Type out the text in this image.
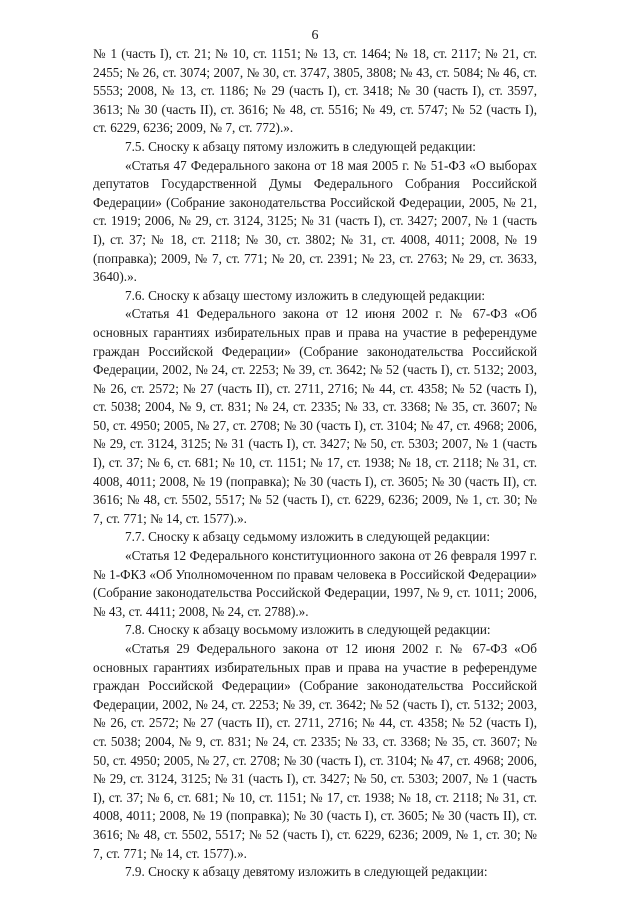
6

№ 1 (часть I), ст. 21; № 10, ст. 1151; № 13, ст. 1464; № 18, ст. 2117; № 21, ст. 2455; № 26, ст. 3074; 2007, № 30, ст. 3747, 3805, 3808; № 43, ст. 5084; № 46, ст. 5553; 2008, № 13, ст. 1186; № 29 (часть I), ст. 3418; № 30 (часть I), ст. 3597, 3613; № 30 (часть II), ст. 3616; № 48, ст. 5516; № 49, ст. 5747; № 52 (часть I), ст. 6229, 6236; 2009, № 7, ст. 772).».

7.5. Сноску к абзацу пятому изложить в следующей редакции:

«Статья 47 Федерального закона от 18 мая 2005 г. № 51-ФЗ «О выборах депутатов Государственной Думы Федерального Собрания Российской Федерации» (Собрание законодательства Российской Федерации, 2005, № 21, ст. 1919; 2006, № 29, ст. 3124, 3125; № 31 (часть I), ст. 3427; 2007, № 1 (часть I), ст. 37; № 18, ст. 2118; № 30, ст. 3802; № 31, ст. 4008, 4011; 2008, № 19 (поправка); 2009, № 7, ст. 771; № 20, ст. 2391; № 23, ст. 2763; № 29, ст. 3633, 3640).».

7.6. Сноску к абзацу шестому изложить в следующей редакции:

«Статья 41 Федерального закона от 12 июня 2002 г. № 67-ФЗ «Об основных гарантиях избирательных прав и права на участие в референдуме граждан Российской Федерации» (Собрание законодательства Российской Федерации, 2002, № 24, ст. 2253; № 39, ст. 3642; № 52 (часть I), ст. 5132; 2003, № 26, ст. 2572; № 27 (часть II), ст. 2711, 2716; № 44, ст. 4358; № 52 (часть I), ст. 5038; 2004, № 9, ст. 831; № 24, ст. 2335; № 33, ст. 3368; № 35, ст. 3607; № 50, ст. 4950; 2005, № 27, ст. 2708; № 30 (часть I), ст. 3104; № 47, ст. 4968; 2006, № 29, ст. 3124, 3125; № 31 (часть I), ст. 3427; № 50, ст. 5303; 2007, № 1 (часть I), ст. 37; № 6, ст. 681; № 10, ст. 1151; № 17, ст. 1938; № 18, ст. 2118; № 31, ст. 4008, 4011; 2008, № 19 (поправка); № 30 (часть I), ст. 3605; № 30 (часть II), ст. 3616; № 48, ст. 5502, 5517; № 52 (часть I), ст. 6229, 6236; 2009, № 1, ст. 30; № 7, ст. 771; № 14, ст. 1577).».

7.7. Сноску к абзацу седьмому изложить в следующей редакции:

«Статья 12 Федерального конституционного закона от 26 февраля 1997 г. № 1-ФКЗ «Об Уполномоченном по правам человека в Российской Федерации» (Собрание законодательства Российской Федерации, 1997, № 9, ст. 1011; 2006, № 43, ст. 4411; 2008, № 24, ст. 2788).».

7.8. Сноску к абзацу восьмому изложить в следующей редакции:

«Статья 29 Федерального закона от 12 июня 2002 г. № 67-ФЗ «Об основных гарантиях избирательных прав и права на участие в референдуме граждан Российской Федерации» (Собрание законодательства Российской Федерации, 2002, № 24, ст. 2253; № 39, ст. 3642; № 52 (часть I), ст. 5132; 2003, № 26, ст. 2572; № 27 (часть II), ст. 2711, 2716; № 44, ст. 4358; № 52 (часть I), ст. 5038; 2004, № 9, ст. 831; № 24, ст. 2335; № 33, ст. 3368; № 35, ст. 3607; № 50, ст. 4950; 2005, № 27, ст. 2708; № 30 (часть I), ст. 3104; № 47, ст. 4968; 2006, № 29, ст. 3124, 3125; № 31 (часть I), ст. 3427; № 50, ст. 5303; 2007, № 1 (часть I), ст. 37; № 6, ст. 681; № 10, ст. 1151; № 17, ст. 1938; № 18, ст. 2118; № 31, ст. 4008, 4011; 2008, № 19 (поправка); № 30 (часть I), ст. 3605; № 30 (часть II), ст. 3616; № 48, ст. 5502, 5517; № 52 (часть I), ст. 6229, 6236; 2009, № 1, ст. 30; № 7, ст. 771; № 14, ст. 1577).».

7.9. Сноску к абзацу девятому изложить в следующей редакции:
